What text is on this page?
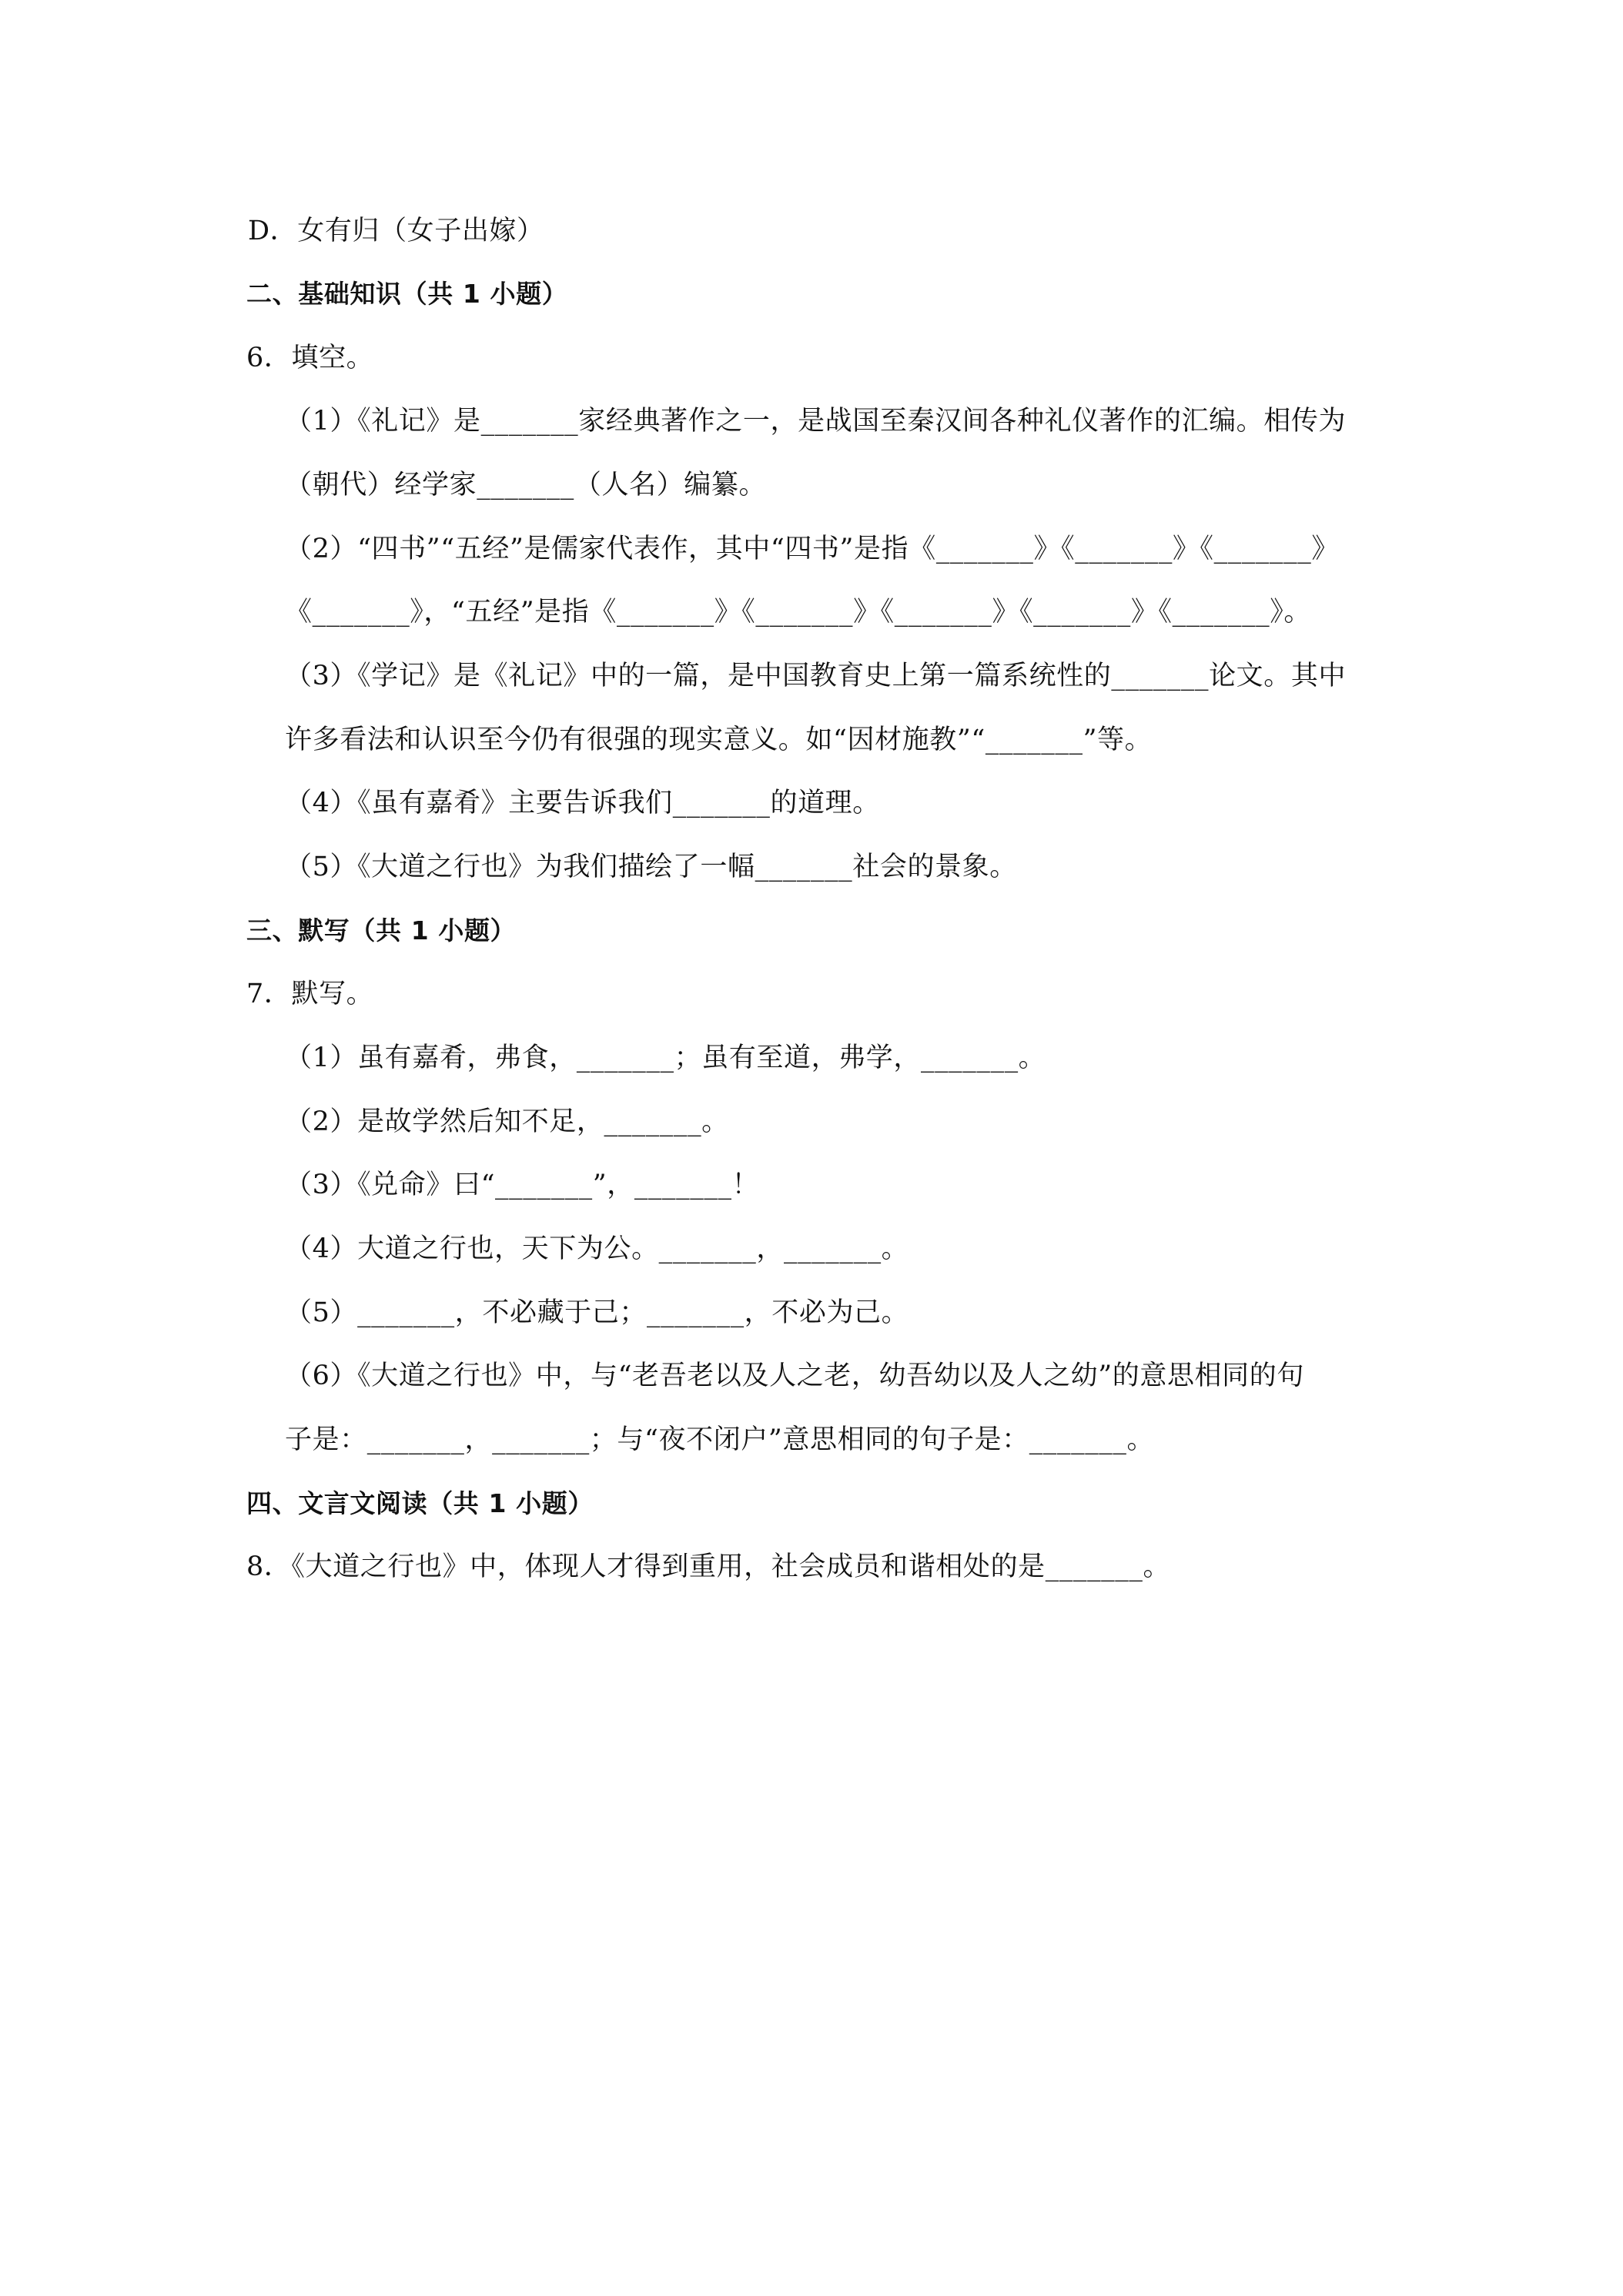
D．女有归（女子出嫁）
二、基础知识（共 1 小题）
6．填空。
（1）《礼记》是_______家经典著作之一，是战国至秦汉间各种礼仪著作的汇编。相传为
（朝代）经学家_______（人名）编纂。
（2）“四书”“五经”是儒家代表作，其中“四书”是指《_______》《_______》《_______》
《_______》，“五经”是指《_______》《_______》《_______》《_______》《_______》。
（3）《学记》是《礼记》中的一篇，是中国教育史上第一篇系统性的_______论文。其中
许多看法和认识至今仍有很强的现实意义。如“因材施教”“_______”等。
（4）《虽有嘉肴》主要告诉我们_______的道理。
（5）《大道之行也》为我们描绘了一幅_______社会的景象。
三、默写（共 1 小题）
7．默写。
（1）虽有嘉肴，弗食，_______；虽有至道，弗学，_______。
（2）是故学然后知不足，_______。
（3）《兑命》曰“_______”，_______！
（4）大道之行也，天下为公。_______，_______。
（5）_______，不必藏于己；_______，不必为己。
（6）《大道之行也》中，与“老吾老以及人之老，幼吾幼以及人之幼”的意思相同的句
子是：_______，_______；与“夜不闭户”意思相同的句子是：_______。
四、文言文阅读（共 1 小题）
8．《大道之行也》中，体现人才得到重用，社会成员和谐相处的是_______。
